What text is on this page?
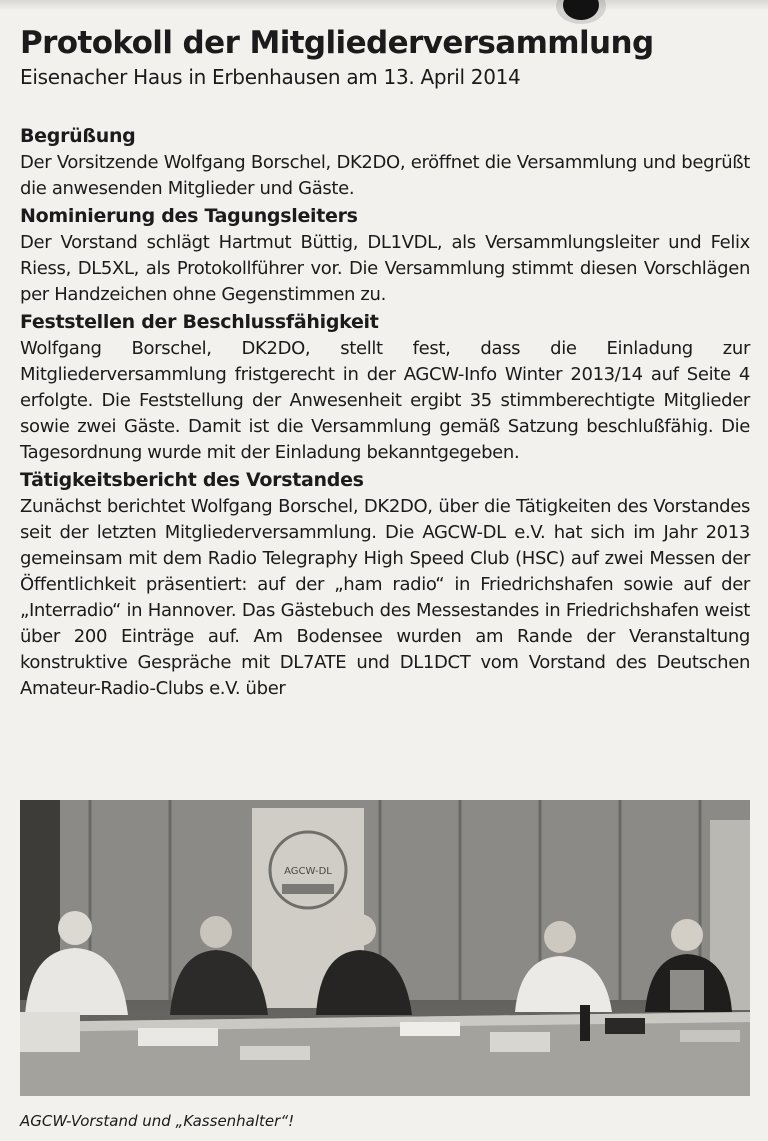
Protokoll der Mitgliederversammlung
Eisenacher Haus in Erbenhausen am 13. April 2014
Begrüßung

Der Vorsitzende Wolfgang Borschel, DK2DO, eröffnet die Versammlung und begrüßt die anwesenden Mitglieder und Gäste.

Nominierung des Tagungsleiters

Der Vorstand schlägt Hartmut Büttig, DL1VDL, als Versammlungsleiter und Felix Riess, DL5XL, als Protokollführer vor. Die Versammlung stimmt diesen Vorschlägen per Handzeichen ohne Gegenstimmen zu.

Feststellen der Beschlussfähigkeit

Wolfgang Borschel, DK2DO, stellt fest, dass die Einladung zur Mitgliederversammlung fristgerecht in der AGCW-Info Winter 2013/14 auf Seite 4 erfolgte. Die Feststellung der Anwesenheit ergibt 35 stimmberechtigte Mitglieder sowie zwei Gäste. Damit ist die Versammlung gemäß Satzung beschlußfähig. Die Tagesordnung wurde mit der Einladung bekanntgegeben.

Tätigkeitsbericht des Vorstandes

Zunächst berichtet Wolfgang Borschel, DK2DO, über die Tätigkeiten des Vorstandes seit der letzten Mitgliederversammlung. Die AGCW-DL e.V. hat sich im Jahr 2013 gemeinsam mit dem Radio Telegraphy High Speed Club (HSC) auf zwei Messen der Öffentlichkeit präsentiert: auf der „ham radio“ in Friedrichshafen sowie auf der „Interradio“ in Hannover. Das Gästebuch des Messestandes in Friedrichshafen weist über 200 Einträge auf. Am Bodensee wurden am Rande der Veranstaltung konstruktive Gespräche mit DL7ATE und DL1DCT vom Vorstand des Deutschen Amateur-Radio-Clubs e.V. über

AGCW-DL

AGCW-Vorstand und „Kassenhalter“!
